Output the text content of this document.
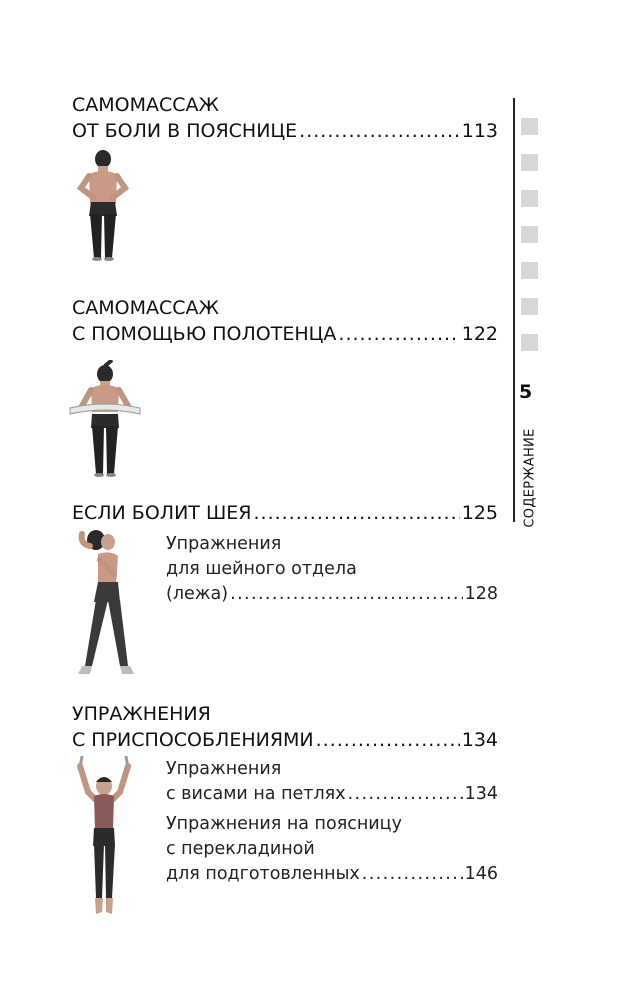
5
СОДЕРЖАНИЕ
САМОМАССАЖ
ОТ БОЛИ В ПОЯСНИЦЕ .....	113
САМОМАССАЖ
С ПОМОЩЬЮ ПОЛОТЕНЦА .....	122
ЕСЛИ БОЛИТ ШЕЯ .....	125
Упражнения
для шейного отдела
(лежа) .....	128
УПРАЖНЕНИЯ
С ПРИСПОСОБЛЕНИЯМИ .....	134
Упражнения
с висами на петлях .....	134
Упражнения на поясницу
с перекладиной
для подготовленных .....	146
